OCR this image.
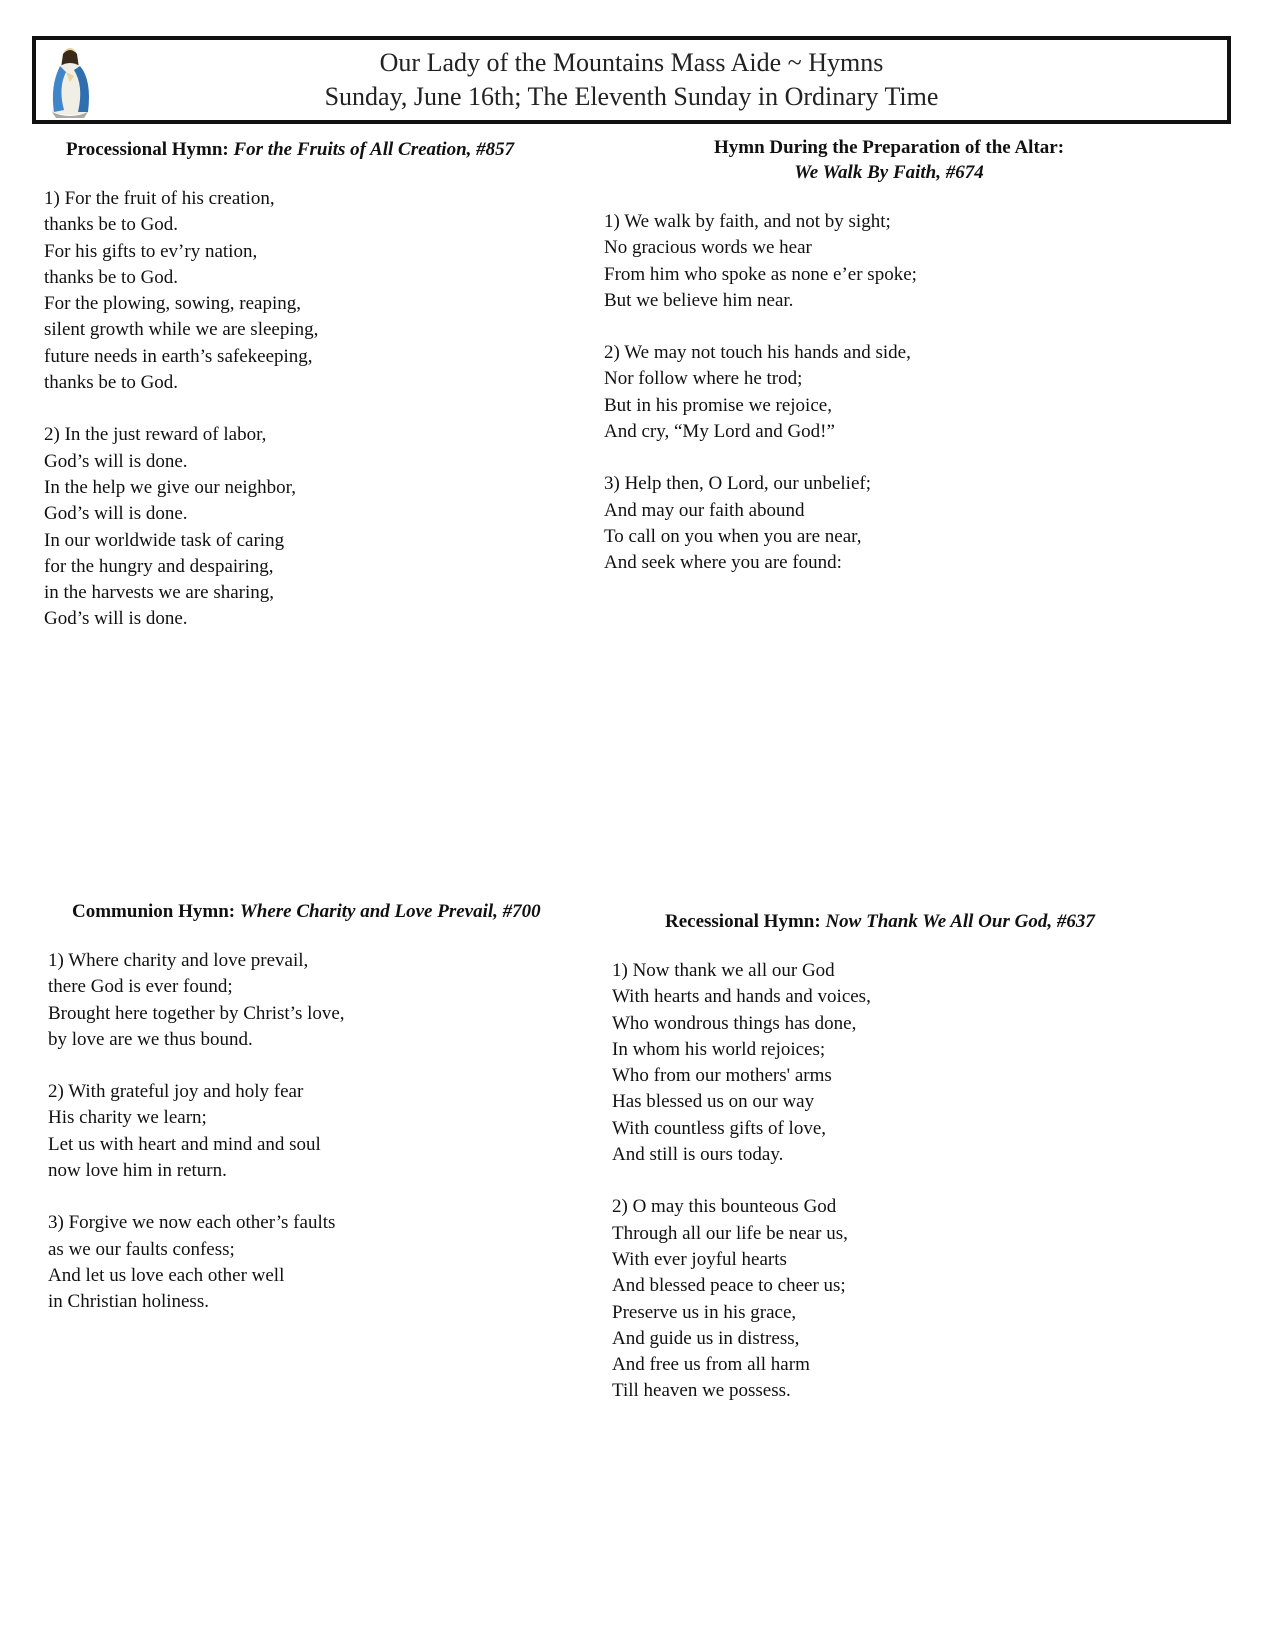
Our Lady of the Mountains Mass Aide ~ Hymns
Sunday, June 16th; The Eleventh Sunday in Ordinary Time
Processional Hymn: For the Fruits of All Creation, #857
1) For the fruit of his creation,
thanks be to God.
For his gifts to ev’ry nation,
thanks be to God.
For the plowing, sowing, reaping,
silent growth while we are sleeping,
future needs in earth’s safekeeping,
thanks be to God.
2) In the just reward of labor,
God’s will is done.
In the help we give our neighbor,
God’s will is done.
In our worldwide task of caring
for the hungry and despairing,
in the harvests we are sharing,
God’s will is done.
Hymn During the Preparation of the Altar:
We Walk By Faith, #674
1) We walk by faith, and not by sight;
No gracious words we hear
From him who spoke as none e’er spoke;
But we believe him near.
2) We may not touch his hands and side,
Nor follow where he trod;
But in his promise we rejoice,
And cry, “My Lord and God!”
3) Help then, O Lord, our unbelief;
And may our faith abound
To call on you when you are near,
And seek where you are found:
Communion Hymn: Where Charity and Love Prevail, #700
1) Where charity and love prevail,
there God is ever found;
Brought here together by Christ’s love,
by love are we thus bound.
2) With grateful joy and holy fear
His charity we learn;
Let us with heart and mind and soul
now love him in return.
3) Forgive we now each other’s faults
as we our faults confess;
And let us love each other well
in Christian holiness.
Recessional Hymn: Now Thank We All Our God, #637
1) Now thank we all our God
With hearts and hands and voices,
Who wondrous things has done,
In whom his world rejoices;
Who from our mothers' arms
Has blessed us on our way
With countless gifts of love,
And still is ours today.
2) O may this bounteous God
Through all our life be near us,
With ever joyful hearts
And blessed peace to cheer us;
Preserve us in his grace,
And guide us in distress,
And free us from all harm
Till heaven we possess.
